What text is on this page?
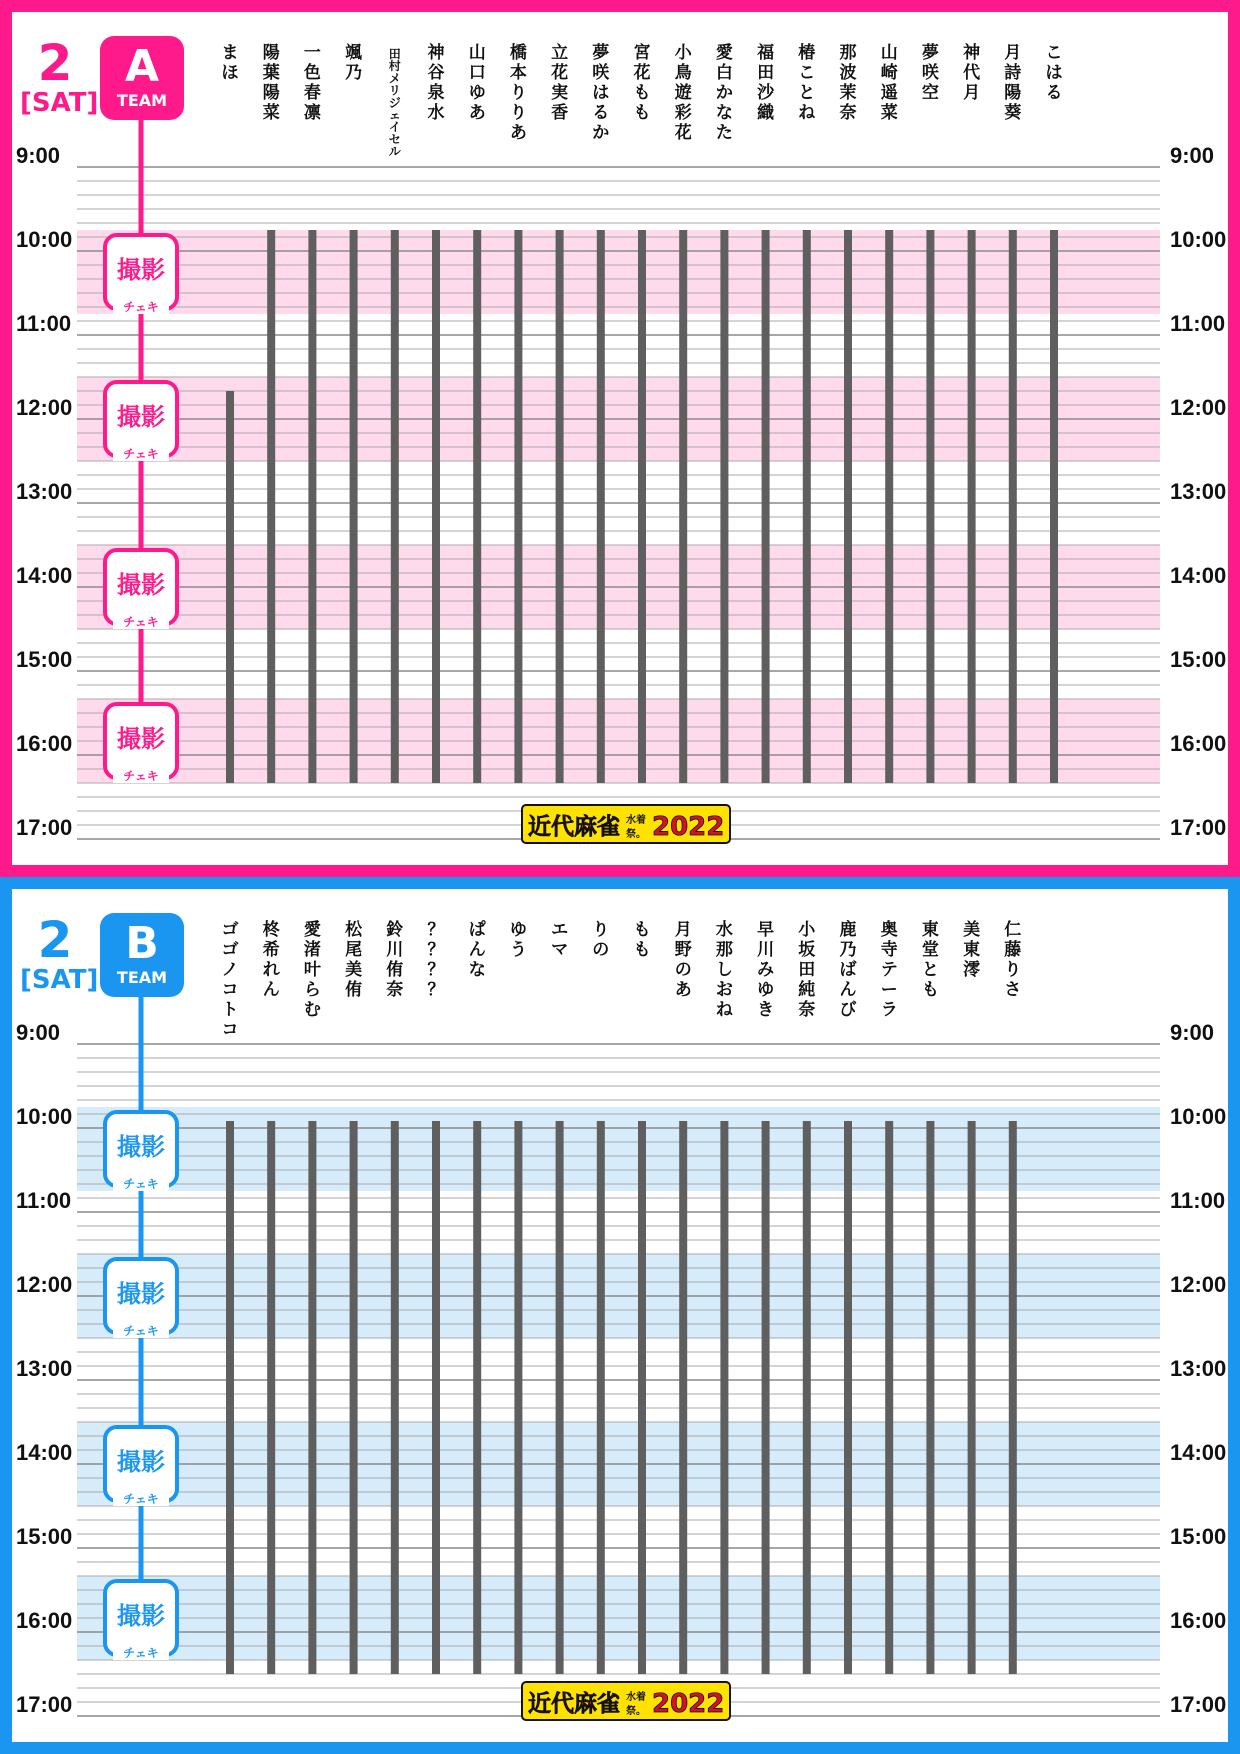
2
[SAT]
A
TEAM
9:00	9:00
10:00	10:00
11:00	11:00
12:00	12:00
13:00	13:00
14:00	14:00
15:00	15:00
16:00	16:00
17:00	17:00
撮影
チェキ
撮影
チェキ
撮影
チェキ
撮影
チェキ
まほ
陽葉陽菜
一色春凛
颯乃
田村メリジェイセル
神谷泉水
山口ゆあ
橋本りりあ
立花実香
夢咲はるか
宮花もも
小鳥遊彩花
愛白かなた
福田沙織
椿ことね
那波茉奈
山崎遥菜
夢咲空
神代月
月詩陽葵
こはる
近代麻雀 水着
祭。 2022
2
[SAT]
B
TEAM
9:00	9:00
10:00	10:00
11:00	11:00
12:00	12:00
13:00	13:00
14:00	14:00
15:00	15:00
16:00	16:00
17:00	17:00
撮影
チェキ
撮影
チェキ
撮影
チェキ
撮影
チェキ
ゴゴノコトコ
柊希れん
愛渚叶らむ
松尾美侑
鈴川侑奈
？？？？
ぱんな
ゆう
エマ
りの
もも
月野のあ
水那しおね
早川みゆき
小坂田純奈
鹿乃ばんび
奥寺テーラ
東堂とも
美東澪
仁藤りさ
近代麻雀 水着
祭。 2022
